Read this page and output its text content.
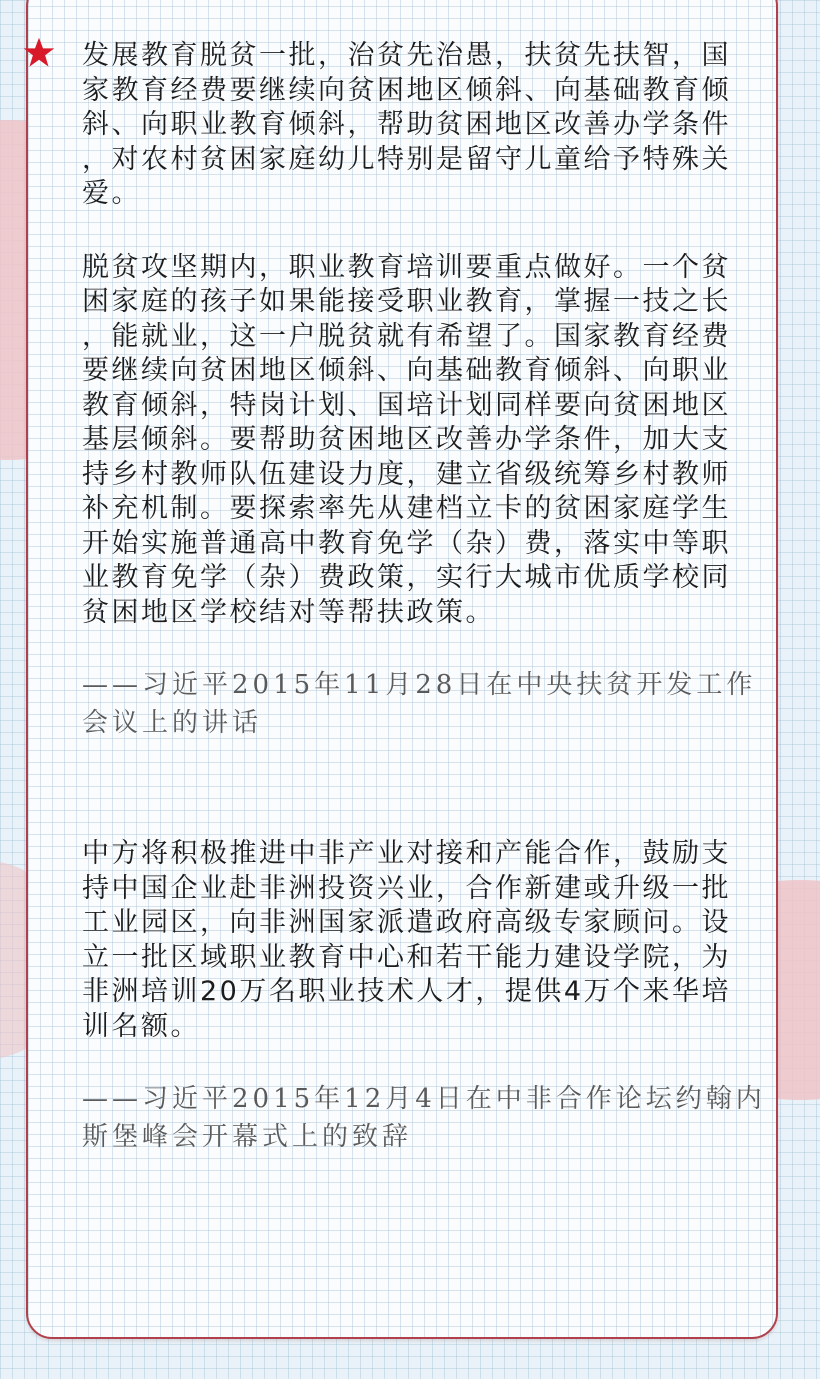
发展教育脱贫一批，治贫先治愚，扶贫先扶智，国
家教育经费要继续向贫困地区倾斜、向基础教育倾
斜、向职业教育倾斜，帮助贫困地区改善办学条件
，对农村贫困家庭幼儿特别是留守儿童给予特殊关
爱。

脱贫攻坚期内，职业教育培训要重点做好。一个贫
困家庭的孩子如果能接受职业教育，掌握一技之长
，能就业，这一户脱贫就有希望了。国家教育经费
要继续向贫困地区倾斜、向基础教育倾斜、向职业
教育倾斜，特岗计划、国培计划同样要向贫困地区
基层倾斜。要帮助贫困地区改善办学条件，加大支
持乡村教师队伍建设力度，建立省级统筹乡村教师
补充机制。要探索率先从建档立卡的贫困家庭学生
开始实施普通高中教育免学（杂）费，落实中等职
业教育免学（杂）费政策，实行大城市优质学校同
贫困地区学校结对等帮扶政策。

——习近平2015年11月28日在中央扶贫开发工作
会议上的讲话

中方将积极推进中非产业对接和产能合作，鼓励支
持中国企业赴非洲投资兴业，合作新建或升级一批
工业园区，向非洲国家派遣政府高级专家顾问。设
立一批区域职业教育中心和若干能力建设学院，为
非洲培训20万名职业技术人才，提供4万个来华培
训名额。

——习近平2015年12月4日在中非合作论坛约翰内
斯堡峰会开幕式上的致辞
